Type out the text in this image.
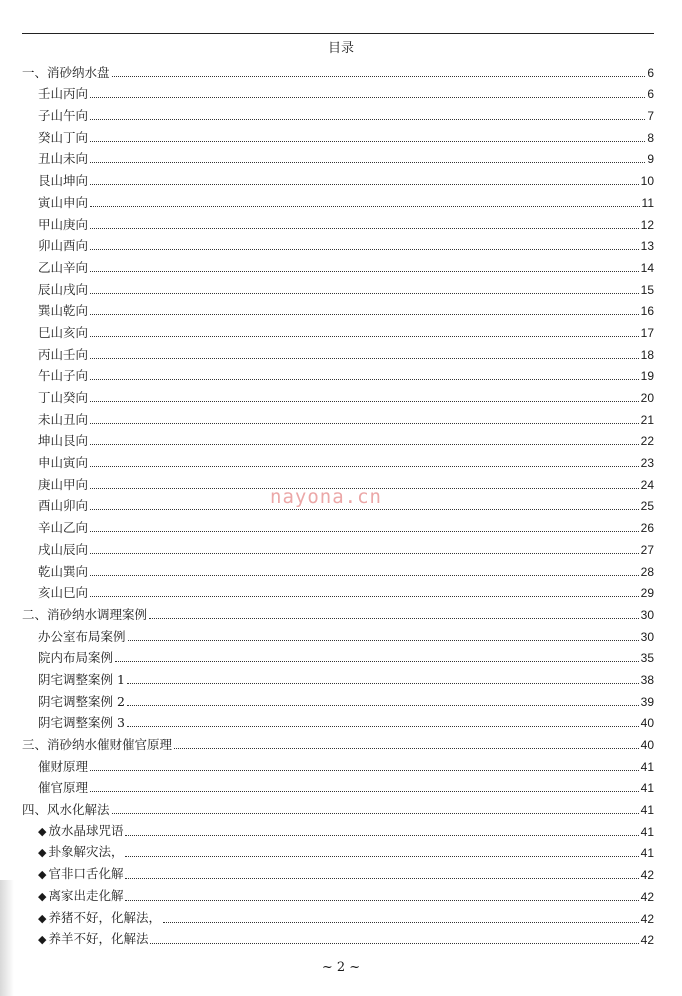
目录
一、消砂纳水盘	6
壬山丙向	6
子山午向	7
癸山丁向	8
丑山未向	9
艮山坤向	10
寅山申向	11
甲山庚向	12
卯山酉向	13
乙山辛向	14
辰山戌向	15
巽山乾向	16
巳山亥向	17
丙山壬向	18
午山子向	19
丁山癸向	20
未山丑向	21
坤山艮向	22
申山寅向	23
庚山甲向	24
酉山卯向	25
辛山乙向	26
戌山辰向	27
乾山巽向	28
亥山巳向	29
二、消砂纳水调理案例	30
办公室布局案例	30
院内布局案例	35
阴宅调整案例 1	38
阴宅调整案例 2	39
阴宅调整案例 3	40
三、消砂纳水催财催官原理	40
催财原理	41
催官原理	41
四、风水化解法	41
◆ 放水晶球咒语	41
◆ 卦象解灾法，	41
◆ 官非口舌化解	42
◆ 离家出走化解	42
◆ 养猪不好，化解法，	42
◆ 养羊不好，化解法	42
nayona.cn
~ 2 ~
